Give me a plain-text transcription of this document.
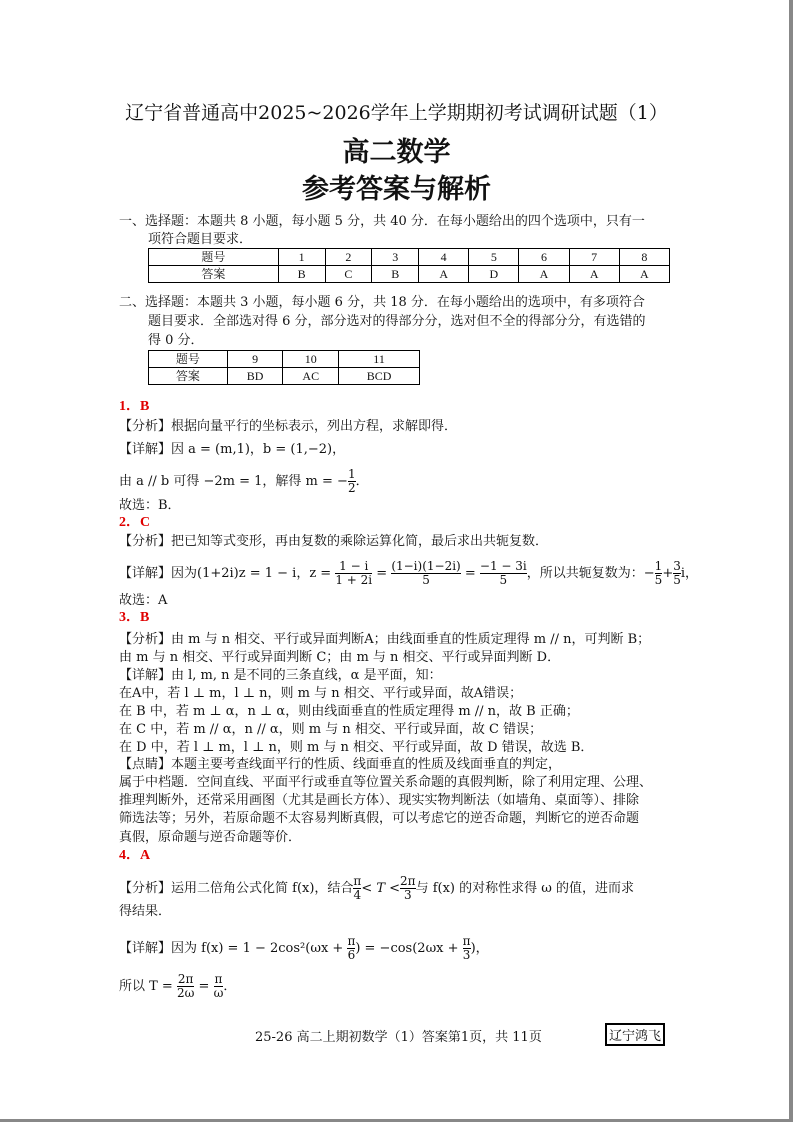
辽宁省普通高中2025~2026学年上学期期初考试调研试题（1）
高二数学
参考答案与解析
一、选择题：本题共 8 小题，每小题 5 分，共 40 分．在每小题给出的四个选项中，只有一
项符合题目要求．
题号	1	2	3	4	5	6	7	8
答案	B	C	B	A	D	A	A	A
二、选择题：本题共 3 小题，每小题 6 分，共 18 分．在每小题给出的选项中，有多项符合
题目要求．全部选对得 6 分，部分选对的得部分分，选对但不全的得部分分，有选错的
得 0 分．
题号	9	10	11
答案	BD	AC	BCD
1．B
【分析】根据向量平行的坐标表示，列出方程，求解即得．
【详解】因 a = (m,1)，b = (1,−2)，
由 a // b 可得 −2m = 1，解得 m = − $\frac{1}{2}$ ．
故选：B．
2．C
【分析】把已知等式变形，再由复数的乘除运算化简，最后求出共轭复数．
【详解】因为(1+2i)z = 1 − i，$z = \frac{1 - i}{1 + 2i} = \frac{(1-i)(1-2i)}{5} = \frac{-1 - 3i}{5}$ ，所以共轭复数为：− $\frac{1}{5} + \frac{3}{5}$ i，
故选：A
3．B
【分析】由 m 与 n 相交、平行或异面判断A；由线面垂直的性质定理得 m // n，可判断 B；
由 m 与 n 相交、平行或异面判断 C；由 m 与 n 相交、平行或异面判断 D．
【详解】由 l, m, n 是不同的三条直线，α 是平面，知：
在A中，若 l ⊥ m，l ⊥ n，则 m 与 n 相交、平行或异面，故A错误；
在 B 中，若 m ⊥ α，n ⊥ α，则由线面垂直的性质定理得 m // n，故 B 正确；
在 C 中，若 m // α，n // α，则 m 与 n 相交、平行或异面，故 C 错误；
在 D 中，若 l ⊥ m，l ⊥ n，则 m 与 n 相交、平行或异面，故 D 错误，故选 B．
【点睛】本题主要考查线面平行的性质、线面垂直的性质及线面垂直的判定，
属于中档题．空间直线、平面平行或垂直等位置关系命题的真假判断，除了利用定理、公理、
推理判断外，还常采用画图（尤其是画长方体）、现实实物判断法（如墙角、桌面等）、排除
筛选法等；另外，若原命题不太容易判断真假，可以考虑它的逆否命题，判断它的逆否命题
真假，原命题与逆否命题等价．
4．A
【分析】运用二倍角公式化简 f(x)，结合 $\frac{\pi}{4} < T < \frac{2\pi}{3}$ 与 f(x) 的对称性求得 ω 的值，进而求
得结果．
【详解】因为 $f(x) = 1 - 2\cos^2(\omega x + \frac{\pi}{6}$ ) = $-\cos(2\omega x + \frac{\pi}{3}$ )，
所以 $T = \frac{2\pi}{2\omega} = \frac{\pi}{\omega}$ ．
25-26 高二上期初数学（1）答案第1页，共 11页	辽宁鸿飞
